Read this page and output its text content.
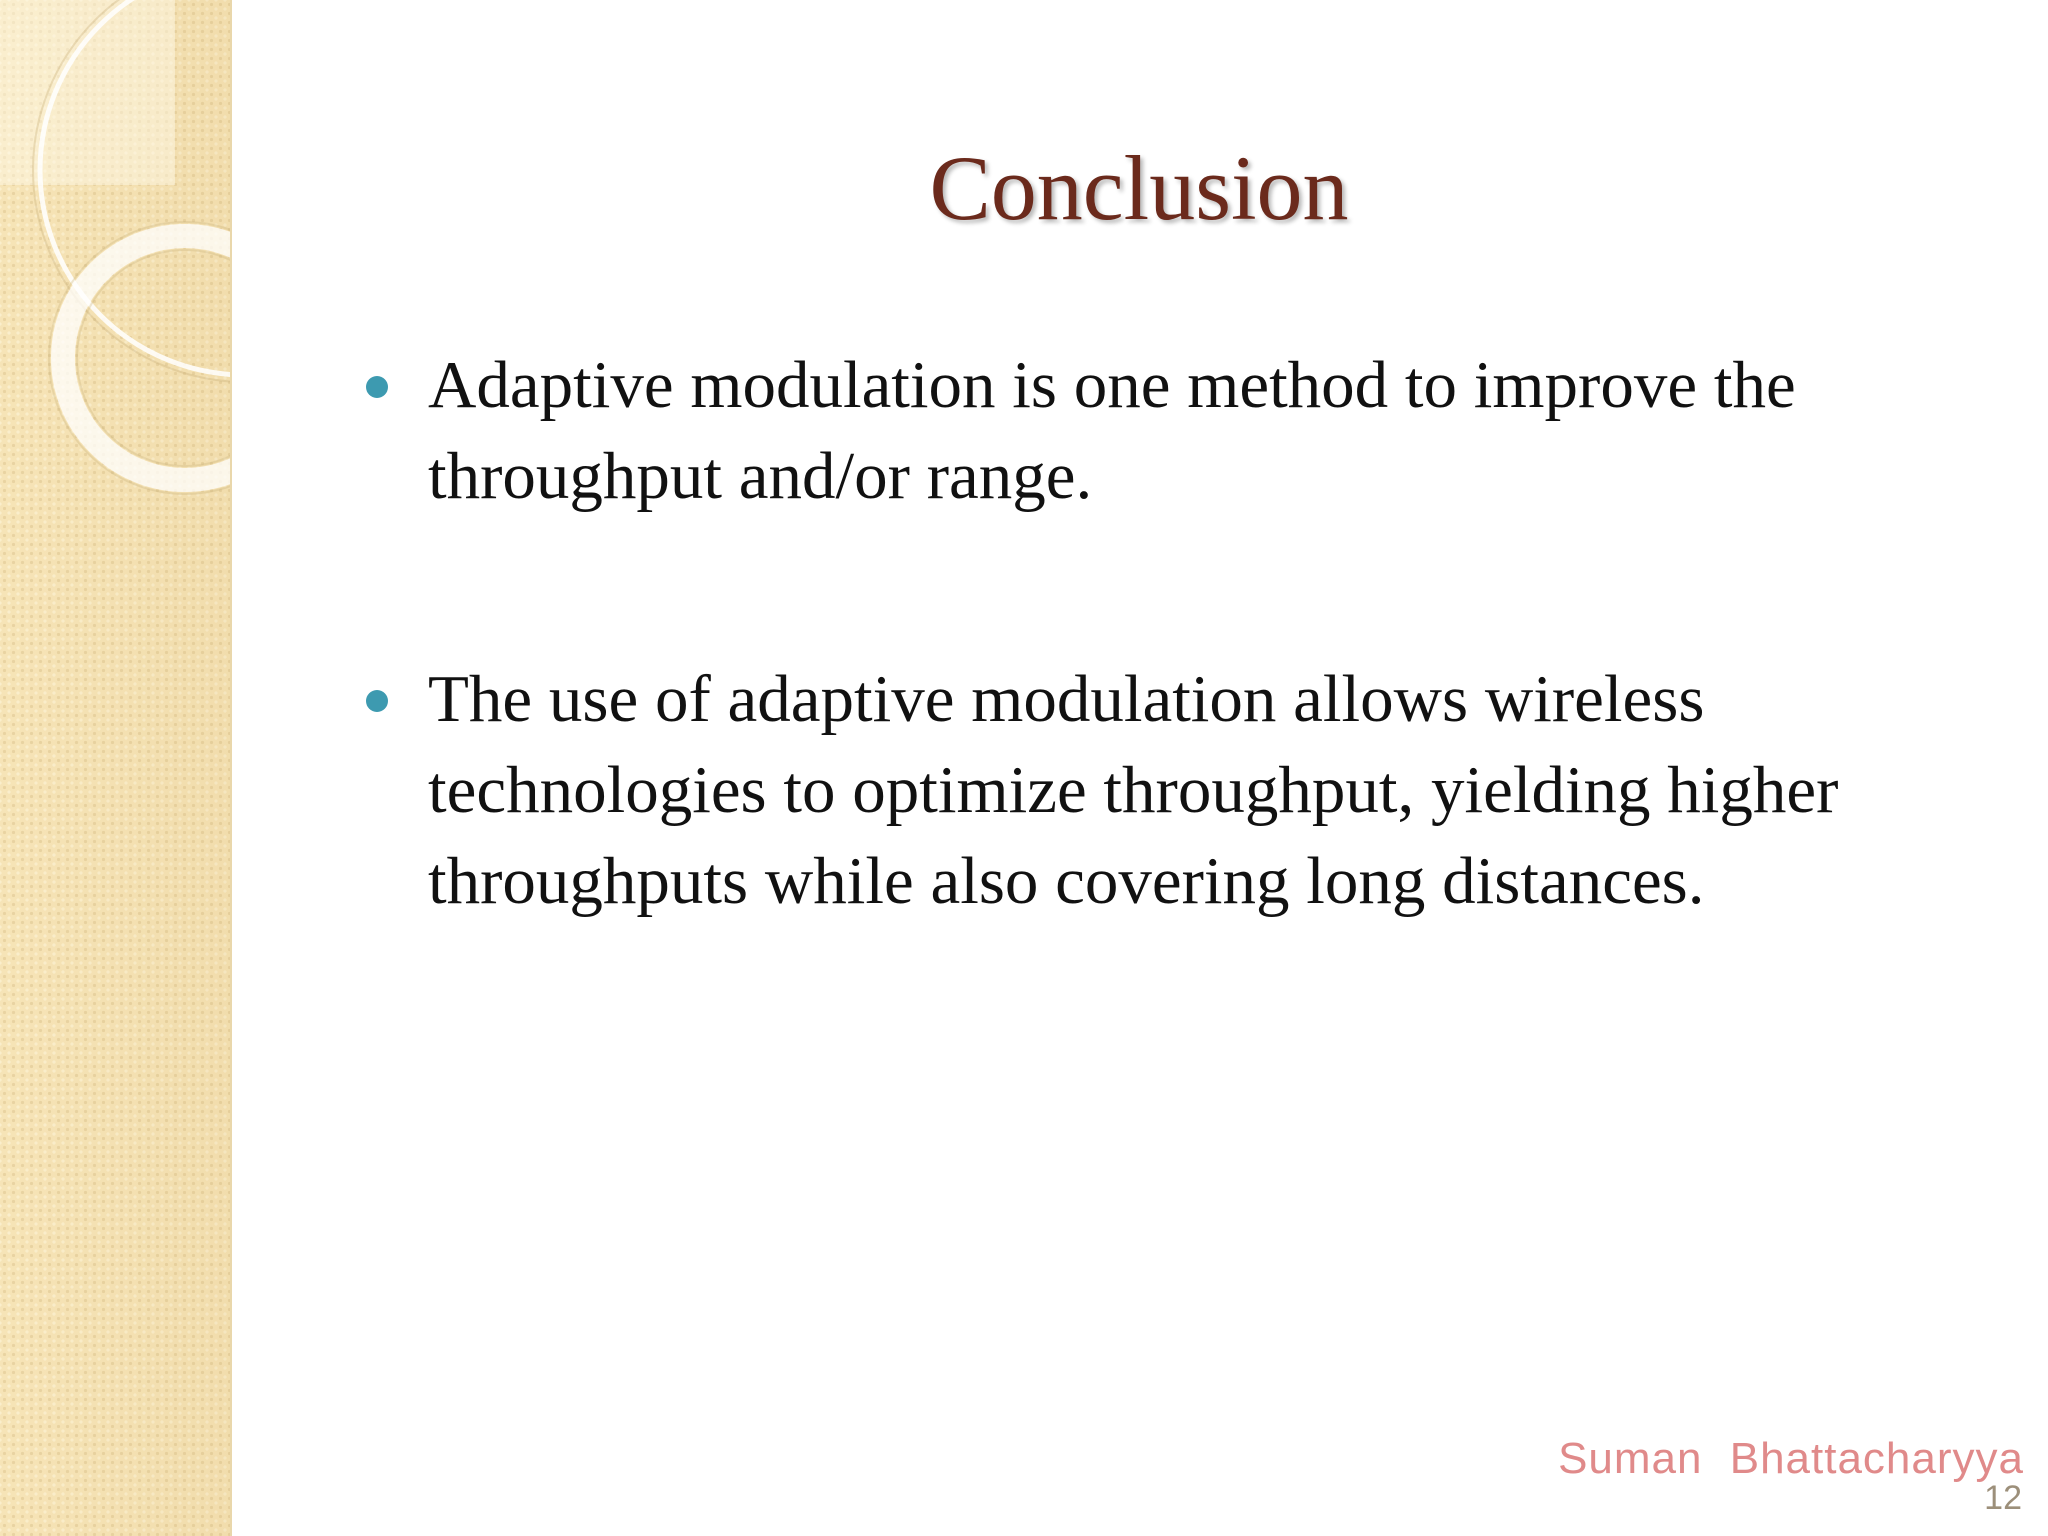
Conclusion
Adaptive modulation is one method to improve the throughput and/or range.
The use of adaptive modulation allows wireless technologies to optimize throughput, yielding higher throughputs while also covering long distances.
Suman Bhattacharyya
12
